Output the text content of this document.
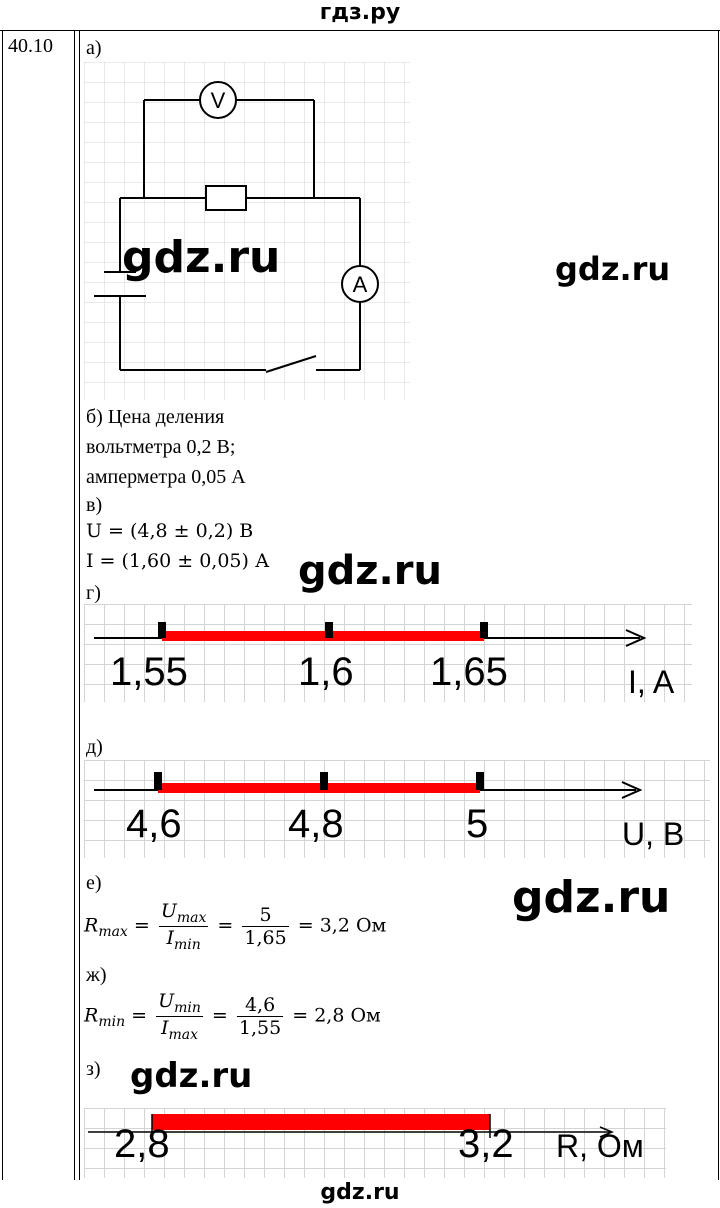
гдз.ру
gdz.ru
40.10 а)
V
A
gdz.ru	gdz.ru
б) Цена деления
вольтметра 0,2 В;
амперметра 0,05 А
в)
U = (4,8 ± 0,2) В
I = (1,60 ± 0,05) А gdz.ru
г)
1,55	1,6 1,65	I, A
д)
4,6	4,8	5	U, B
е)	gdz.ru
$R_{max} = \frac{U_{max}}{I_{min}} = \frac{5}{1,65} = 3,2$ Ом
ж)
$R_{min} = \frac{U_{min}}{I_{max}} = \frac{4,6}{1,55} = 2,8$ Ом
з) gdz.ru
2,8	3,2 R, Ом
